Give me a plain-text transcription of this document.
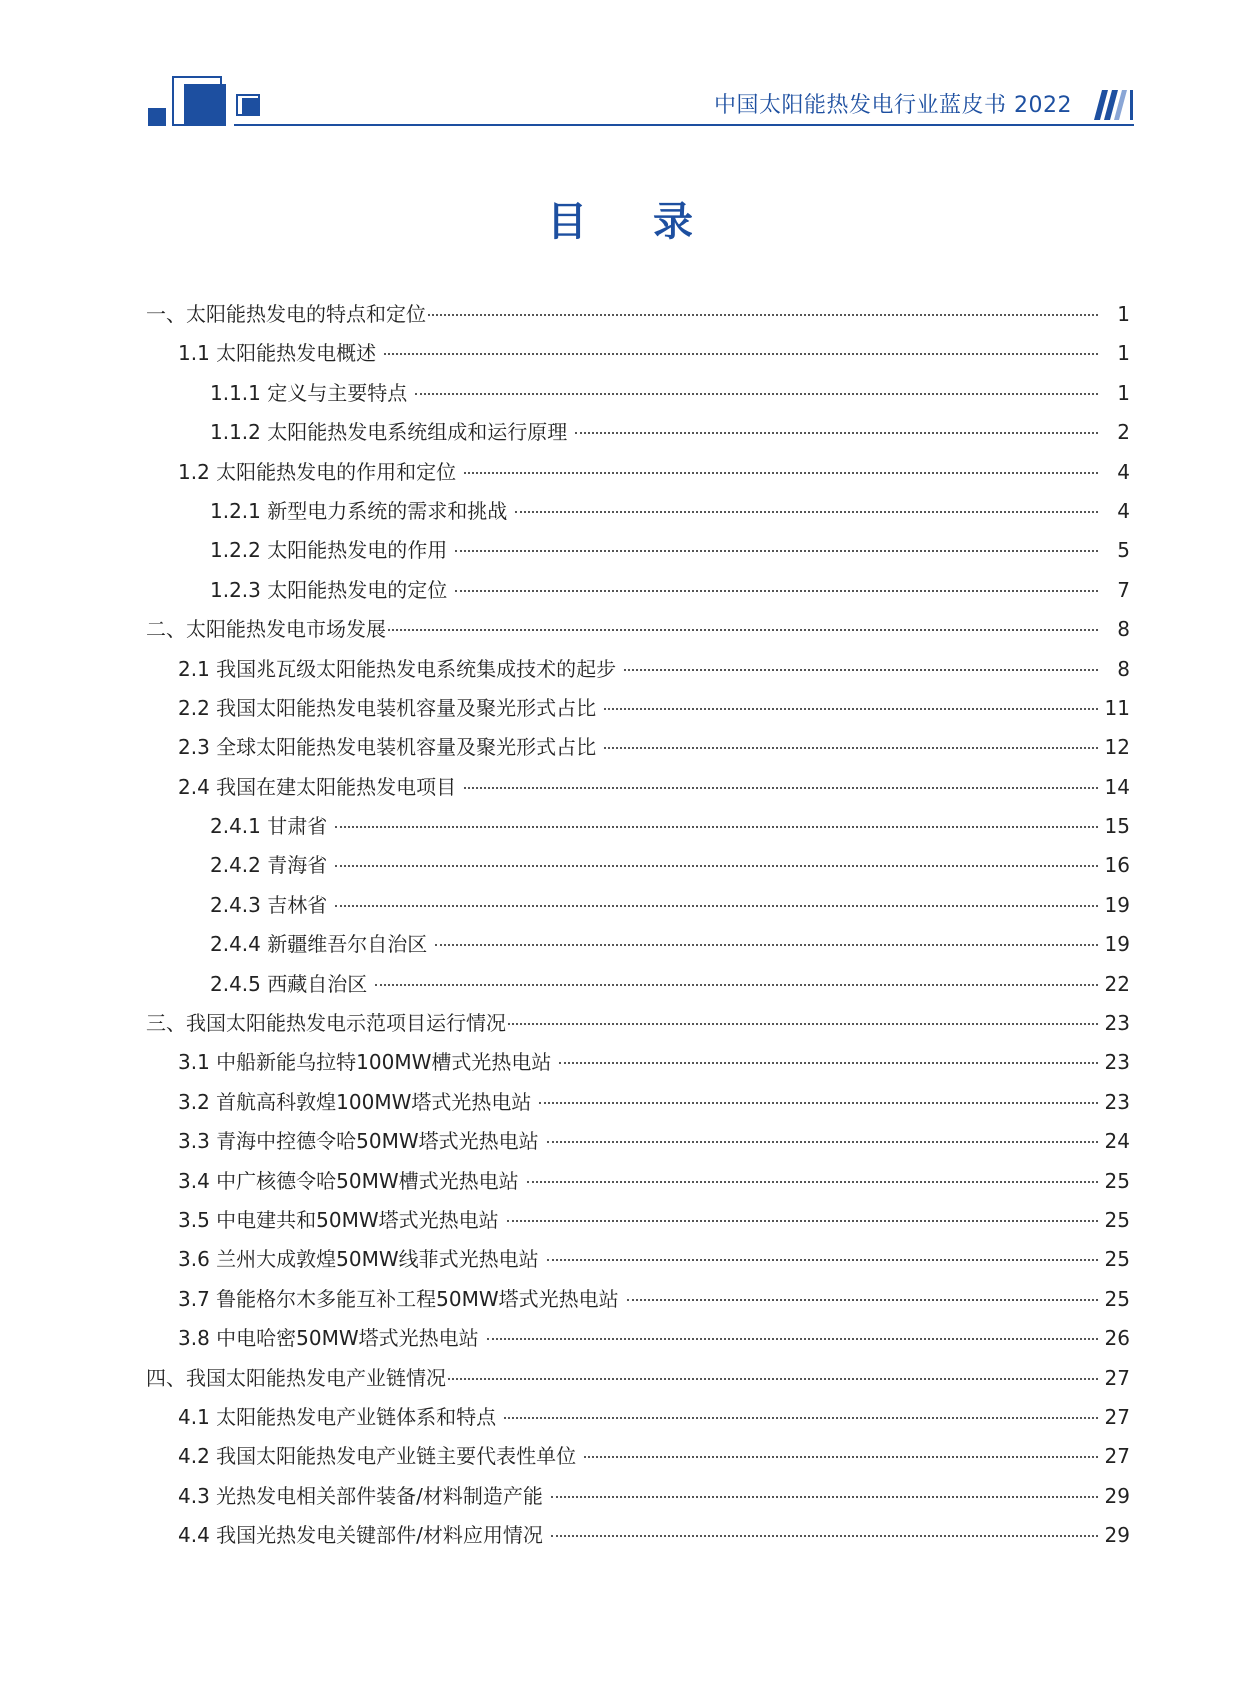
中国太阳能热发电行业蓝皮书 2022
目 录
一、太阳能热发电的特点和定位	1
1.1 太阳能热发电概述	1
1.1.1 定义与主要特点	1
1.1.2 太阳能热发电系统组成和运行原理	2
1.2 太阳能热发电的作用和定位	4
1.2.1 新型电力系统的需求和挑战	4
1.2.2 太阳能热发电的作用	5
1.2.3 太阳能热发电的定位	7
二、太阳能热发电市场发展	8
2.1 我国兆瓦级太阳能热发电系统集成技术的起步	8
2.2 我国太阳能热发电装机容量及聚光形式占比	11
2.3 全球太阳能热发电装机容量及聚光形式占比	12
2.4 我国在建太阳能热发电项目	14
2.4.1 甘肃省	15
2.4.2 青海省	16
2.4.3 吉林省	19
2.4.4 新疆维吾尔自治区	19
2.4.5 西藏自治区	22
三、我国太阳能热发电示范项目运行情况	23
3.1 中船新能乌拉特100MW槽式光热电站	23
3.2 首航高科敦煌100MW塔式光热电站	23
3.3 青海中控德令哈50MW塔式光热电站	24
3.4 中广核德令哈50MW槽式光热电站	25
3.5 中电建共和50MW塔式光热电站	25
3.6 兰州大成敦煌50MW线菲式光热电站	25
3.7 鲁能格尔木多能互补工程50MW塔式光热电站	25
3.8 中电哈密50MW塔式光热电站	26
四、我国太阳能热发电产业链情况	27
4.1 太阳能热发电产业链体系和特点	27
4.2 我国太阳能热发电产业链主要代表性单位	27
4.3 光热发电相关部件装备/材料制造产能	29
4.4 我国光热发电关键部件/材料应用情况	29
